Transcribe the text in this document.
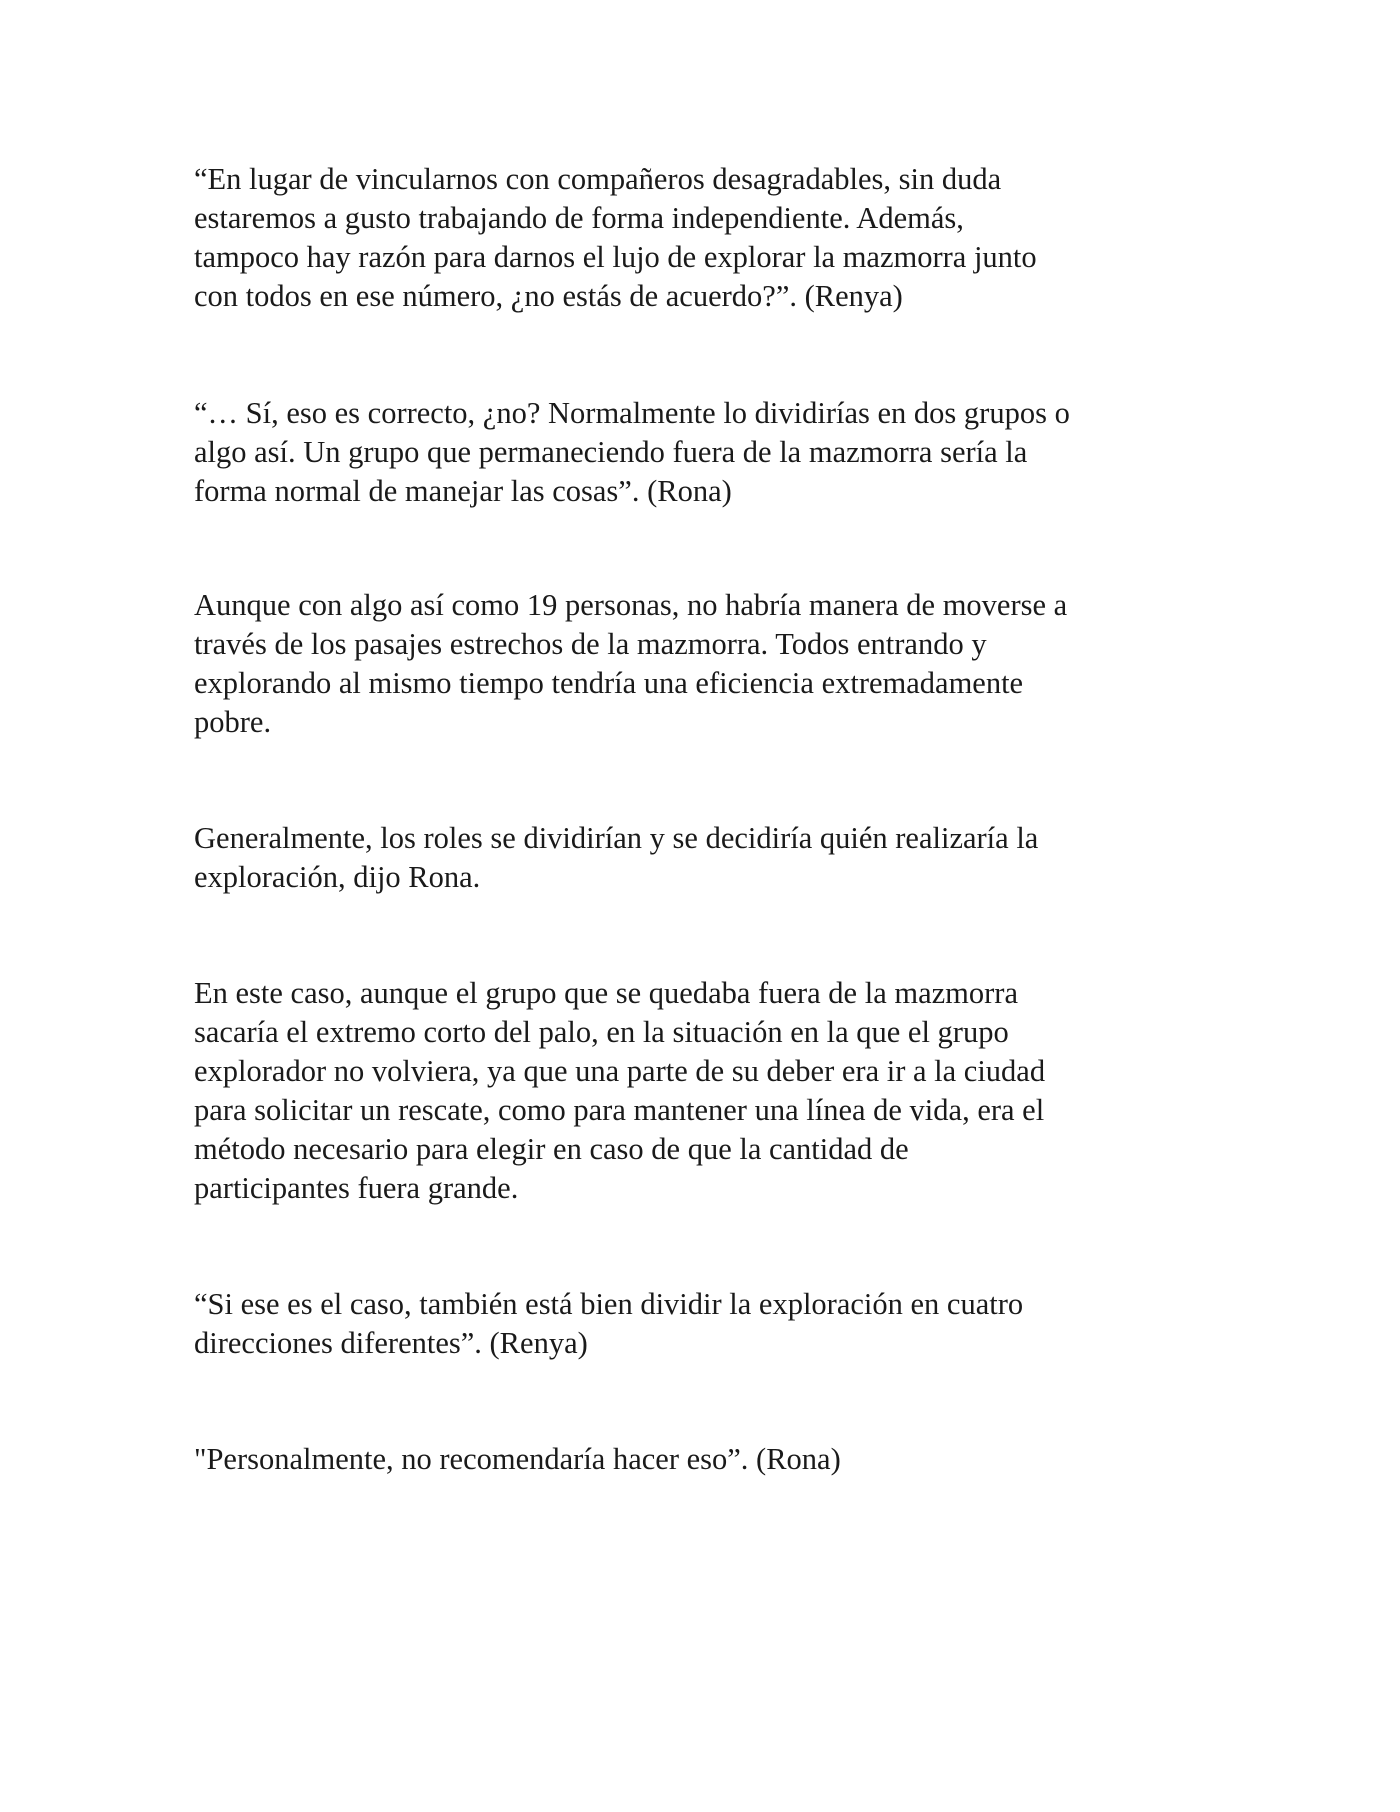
“En lugar de vincularnos con compañeros desagradables, sin duda
estaremos a gusto trabajando de forma independiente. Además,
tampoco hay razón para darnos el lujo de explorar la mazmorra junto
con todos en ese número, ¿no estás de acuerdo?”. (Renya)

“… Sí, eso es correcto, ¿no? Normalmente lo dividirías en dos grupos o
algo así. Un grupo que permaneciendo fuera de la mazmorra sería la
forma normal de manejar las cosas”. (Rona)

Aunque con algo así como 19 personas, no habría manera de moverse a
través de los pasajes estrechos de la mazmorra. Todos entrando y
explorando al mismo tiempo tendría una eficiencia extremadamente
pobre.

Generalmente, los roles se dividirían y se decidiría quién realizaría la
exploración, dijo Rona.

En este caso, aunque el grupo que se quedaba fuera de la mazmorra
sacaría el extremo corto del palo, en la situación en la que el grupo
explorador no volviera, ya que una parte de su deber era ir a la ciudad
para solicitar un rescate, como para mantener una línea de vida, era el
método necesario para elegir en caso de que la cantidad de
participantes fuera grande.

“Si ese es el caso, también está bien dividir la exploración en cuatro
direcciones diferentes”. (Renya)

"Personalmente, no recomendaría hacer eso”. (Rona)
